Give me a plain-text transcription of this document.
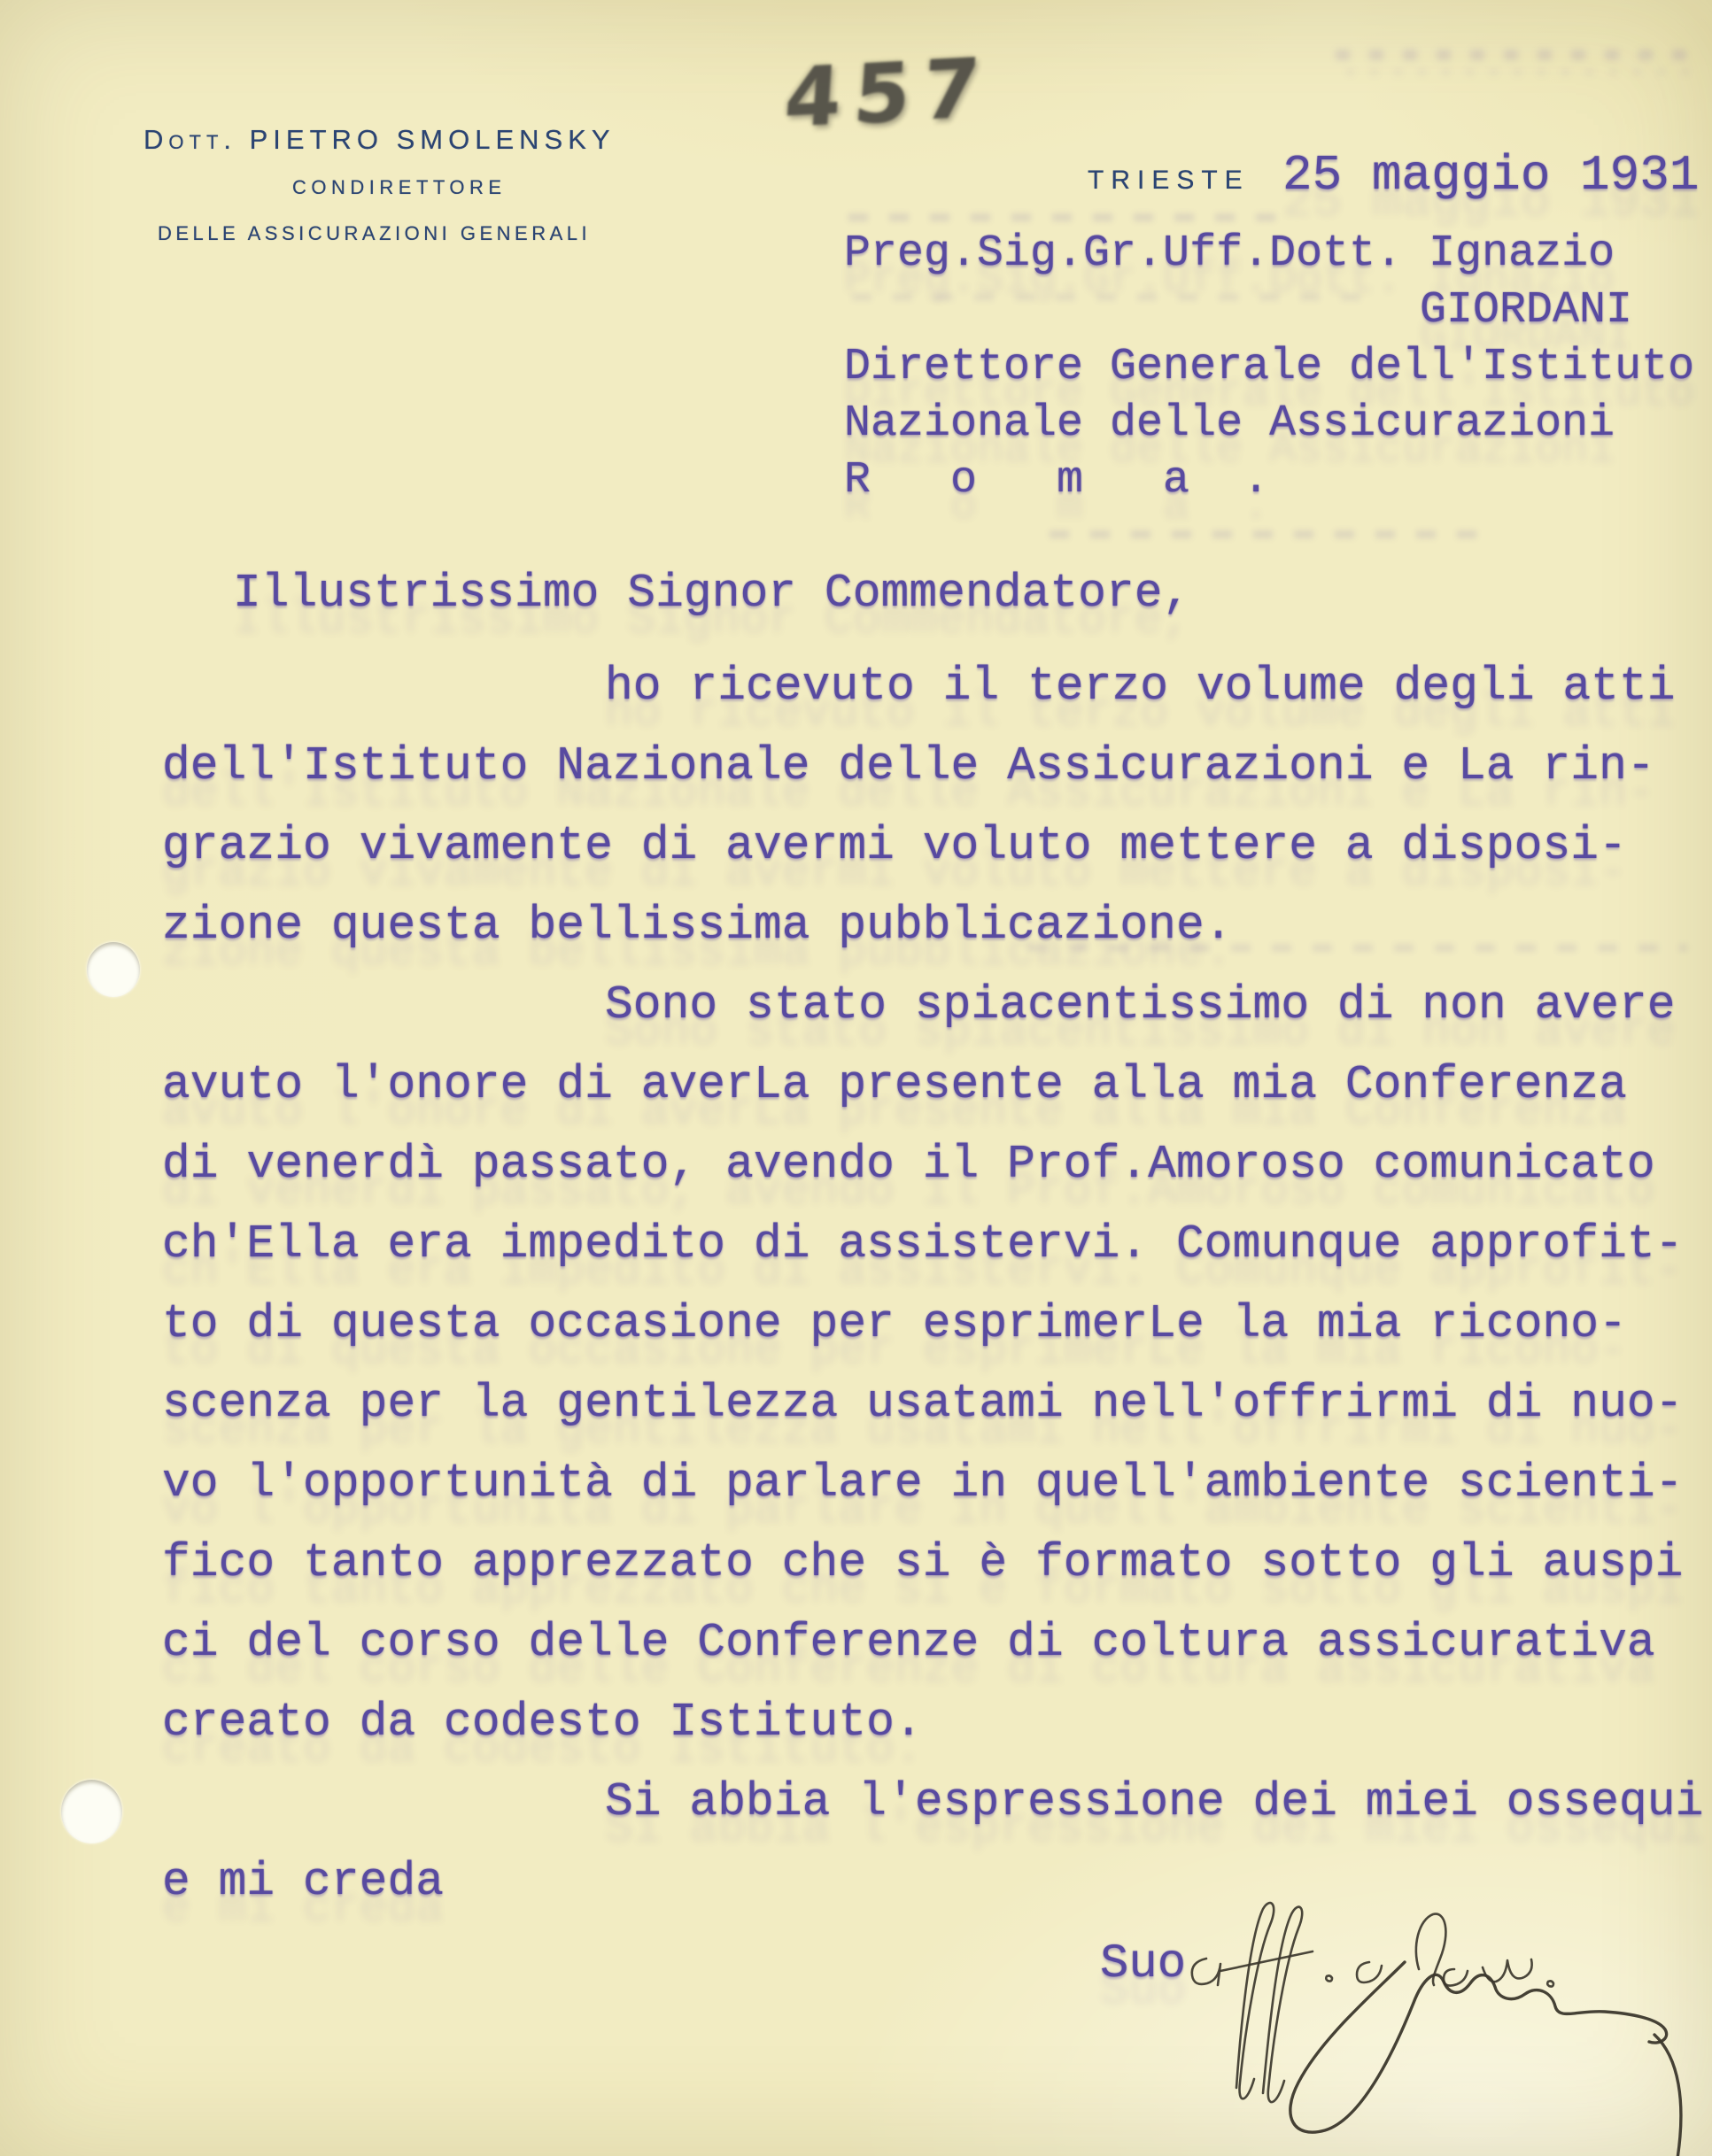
Dott. PIETRO SMOLENSKY
CONDIRETTORE
DELLE ASSICURAZIONI GENERALI
457
TRIESTE 25 maggio 1931
Preg.Sig.Gr.Uff.Dott. Ignazio
GIORDANI
Direttore Generale dell'Istituto
Nazionale delle Assicurazioni
R   o   m   a  .
Illustrissimo Signor Commendatore,
ho ricevuto il terzo volume degli atti
dell'Istituto Nazionale delle Assicurazioni e La rin-
grazio vivamente di avermi voluto mettere a disposi-
zione questa bellissima pubblicazione.
Sono stato spiacentissimo di non avere
avuto l'onore di averLa presente alla mia Conferenza
di venerdì passato, avendo il Prof.Amoroso comunicato
ch'Ella era impedito di assistervi. Comunque approfit-
to di questa occasione per esprimerLe la mia ricono-
scenza per la gentilezza usatami nell'offrirmi di nuo-
vo l'opportunità di parlare in quell'ambiente scienti-
fico tanto apprezzato che si è formato sotto gli auspi
ci del corso delle Conferenze di coltura assicurativa
creato da codesto Istituto.
Si abbia l'espressione dei miei ossequi
e mi creda
Suo
